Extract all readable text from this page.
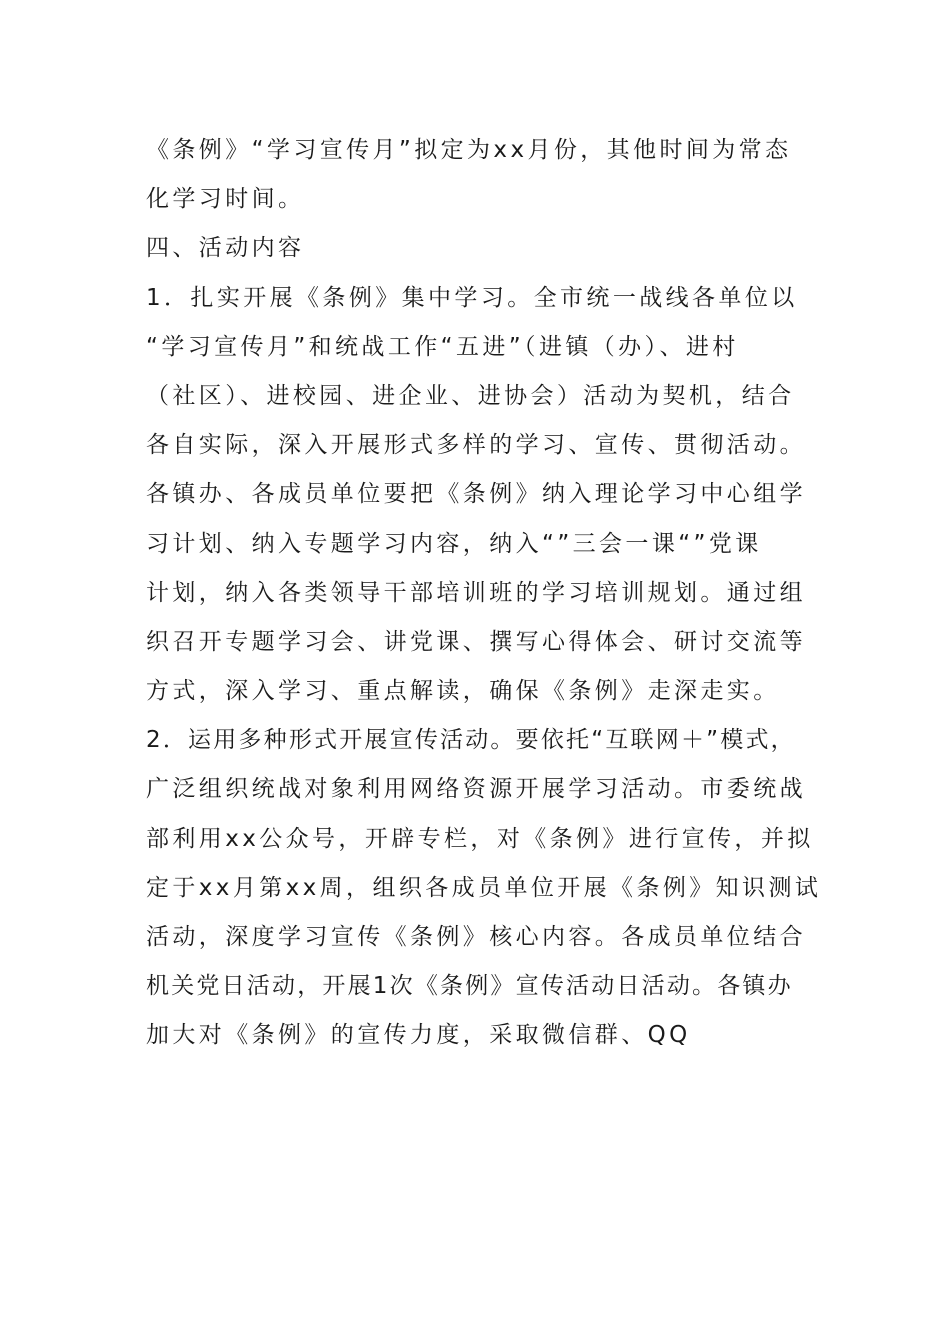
《条例》“学习宣传月”拟定为xx月份，其他时间为常态
化学习时间。
四、活动内容
1．扎实开展《条例》集中学习。全市统一战线各单位以
“学习宣传月”和统战工作“五进”（进镇（办）、进村
（社区）、进校园、进企业、进协会）活动为契机，结合
各自实际，深入开展形式多样的学习、宣传、贯彻活动。
各镇办、各成员单位要把《条例》纳入理论学习中心组学
习计划、纳入专题学习内容，纳入“”三会一课“”党课
计划，纳入各类领导干部培训班的学习培训规划。通过组
织召开专题学习会、讲党课、撰写心得体会、研讨交流等
方式，深入学习、重点解读，确保《条例》走深走实。
2．运用多种形式开展宣传活动。要依托“互联网＋”模式，
广泛组织统战对象利用网络资源开展学习活动。市委统战
部利用xx公众号，开辟专栏，对《条例》进行宣传，并拟
定于xx月第xx周，组织各成员单位开展《条例》知识测试
活动，深度学习宣传《条例》核心内容。各成员单位结合
机关党日活动，开展1次《条例》宣传活动日活动。各镇办
加大对《条例》的宣传力度，采取微信群、QQ
